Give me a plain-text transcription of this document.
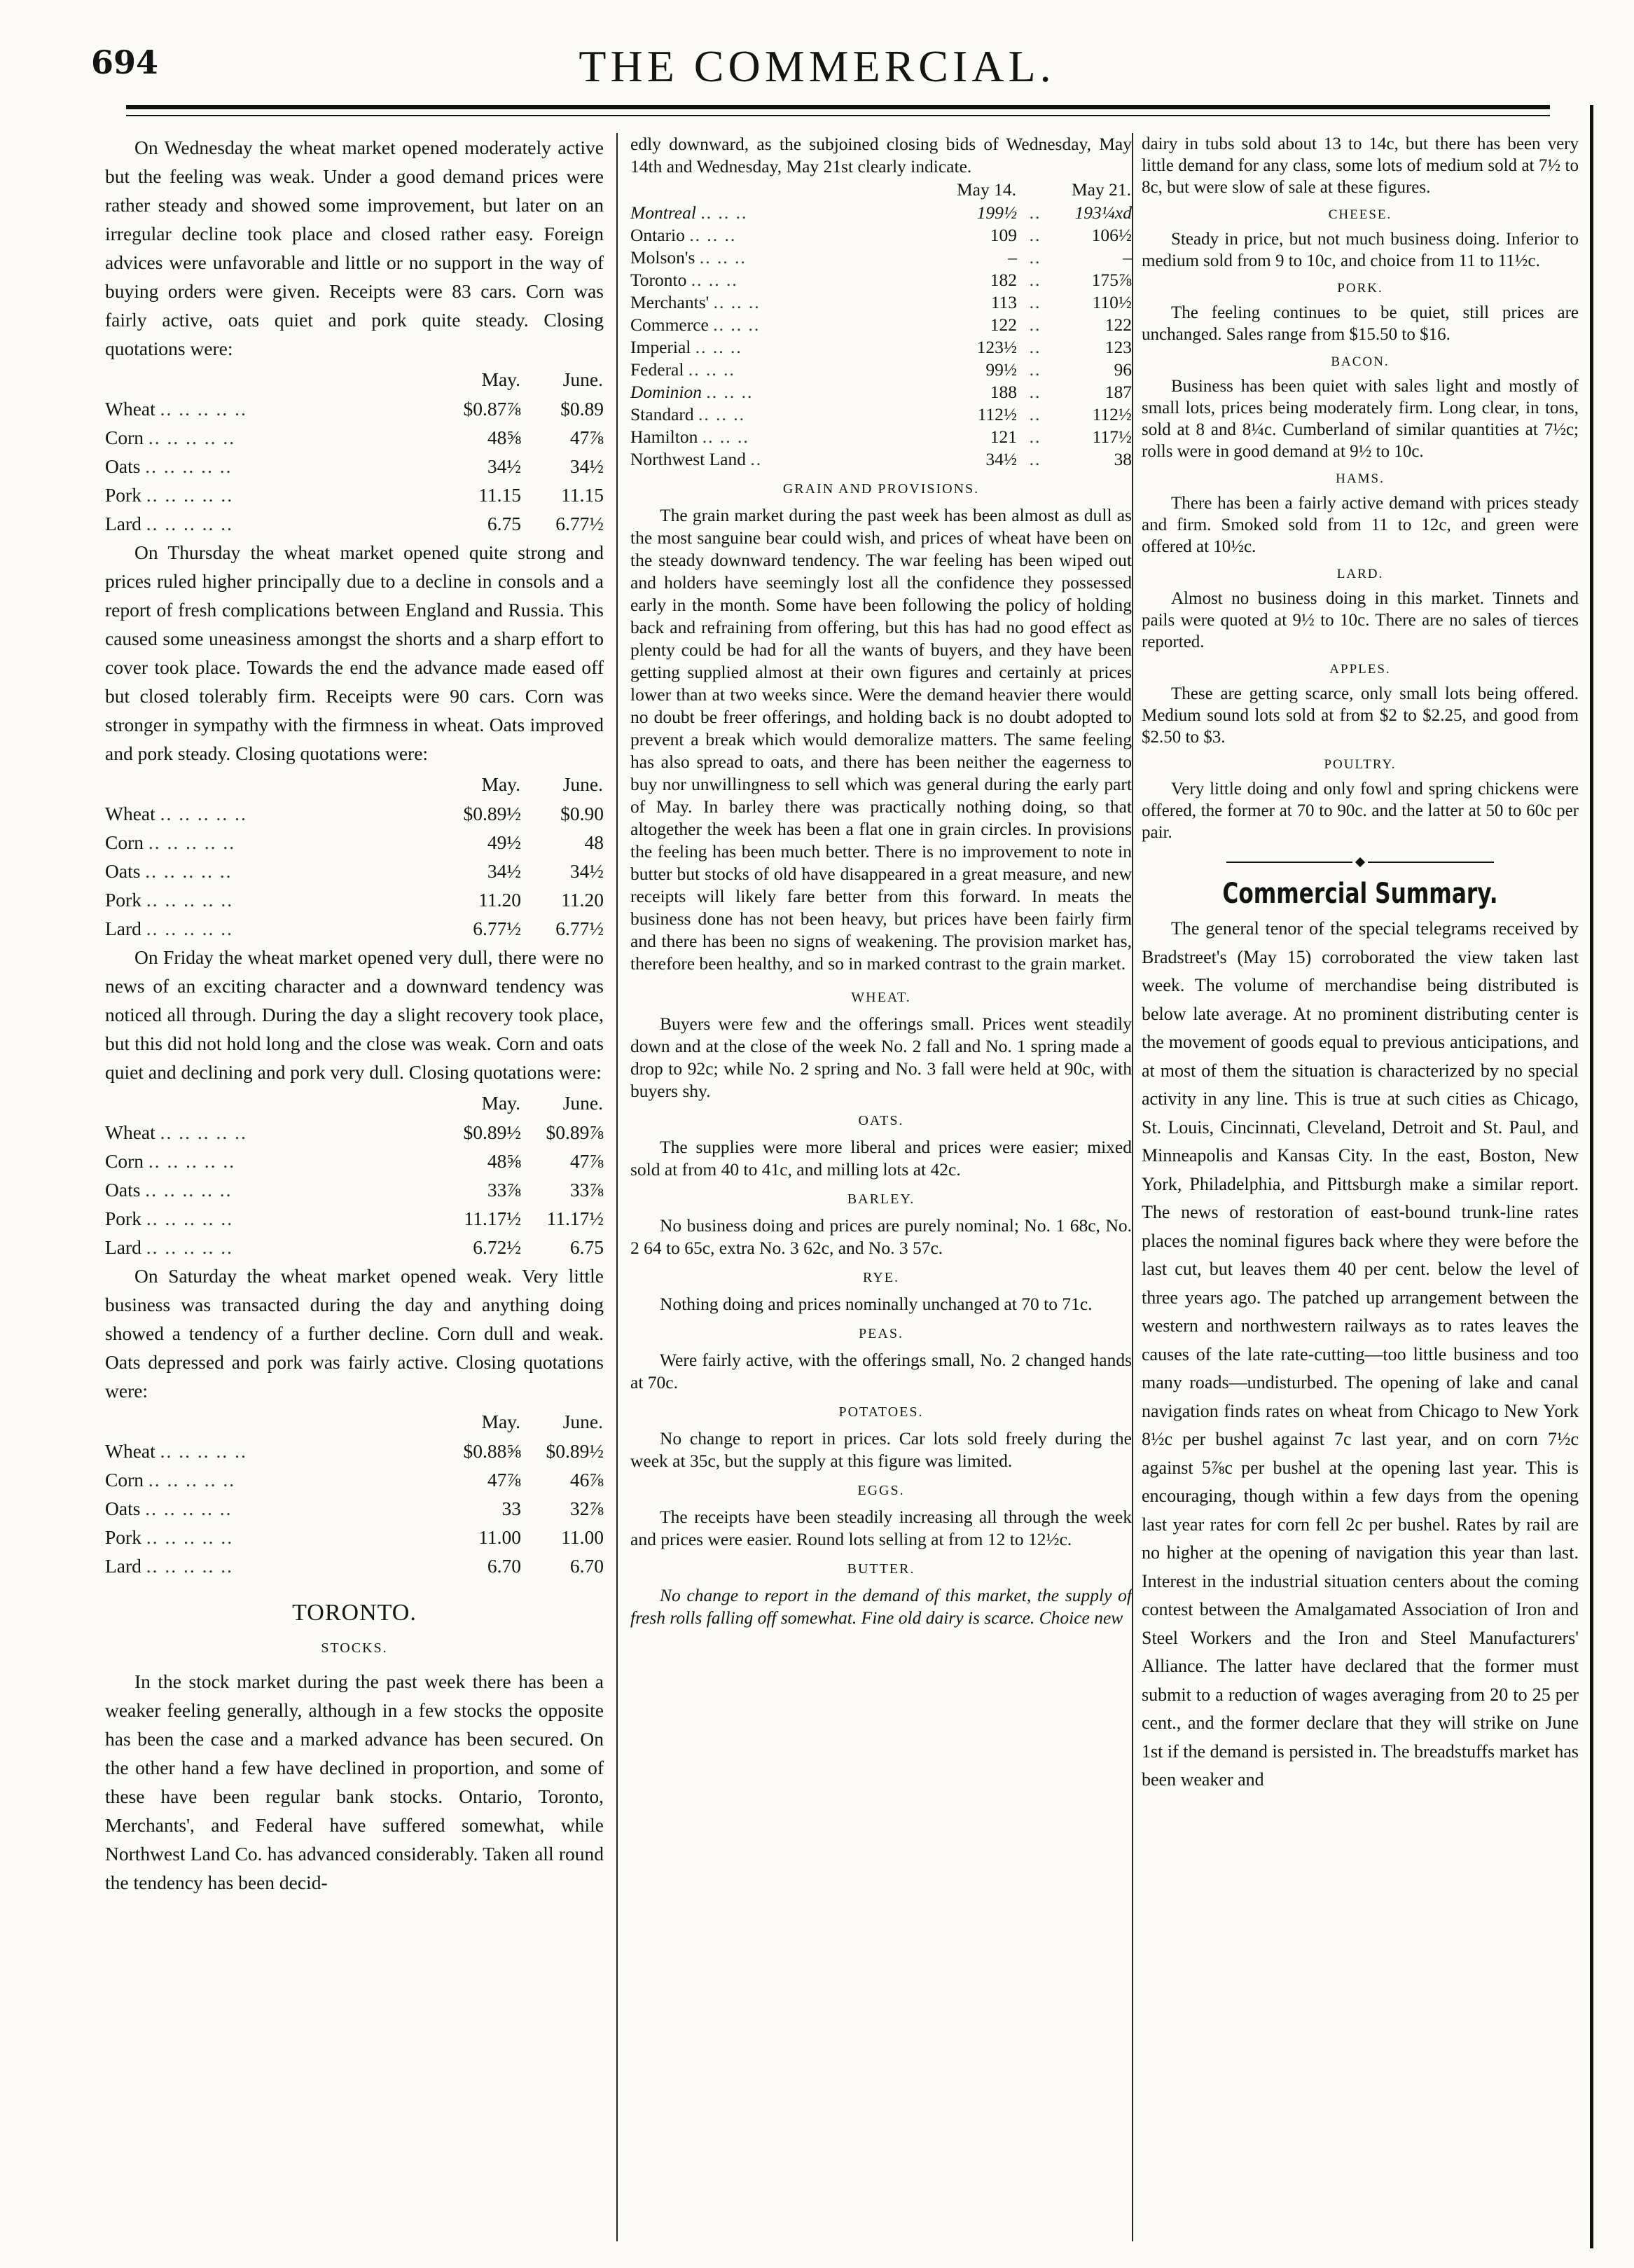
694	THE COMMERCIAL.

On Wednesday the wheat market opened moderately active but the feeling was weak. Under a good demand prices were rather steady and showed some improvement, but later on an irregular decline took place and closed rather easy. Foreign advices were unfavorable and little or no support in the way of buying orders were given. Receipts were 83 cars. Corn was fairly active, oats quiet and pork quite steady. Closing quotations were:

	May.	June.
Wheat .. .. .. .. ..	$0.87⅞	$0.89
Corn .. .. .. .. ..	48⅝	47⅞
Oats .. .. .. .. ..	34½	34½
Pork .. .. .. .. ..	11.15	11.15
Lard .. .. .. .. ..	6.75	6.77½

On Thursday the wheat market opened quite strong and prices ruled higher principally due to a decline in consols and a report of fresh complications between England and Russia. This caused some uneasiness amongst the shorts and a sharp effort to cover took place. Towards the end the advance made eased off but closed tolerably firm. Receipts were 90 cars. Corn was stronger in sympathy with the firmness in wheat. Oats improved and pork steady. Closing quotations were:

	May.	June.
Wheat .. .. .. .. ..	$0.89½	$0.90
Corn .. .. .. .. ..	49½	48
Oats .. .. .. .. ..	34½	34½
Pork .. .. .. .. ..	11.20	11.20
Lard .. .. .. .. ..	6.77½	6.77½

On Friday the wheat market opened very dull, there were no news of an exciting character and a downward tendency was noticed all through. During the day a slight recovery took place, but this did not hold long and the close was weak. Corn and oats quiet and declining and pork very dull. Closing quotations were:

	May.	June.
Wheat .. .. .. .. ..	$0.89½	$0.89⅞
Corn .. .. .. .. ..	48⅝	47⅞
Oats .. .. .. .. ..	33⅞	33⅞
Pork .. .. .. .. ..	11.17½	11.17½
Lard .. .. .. .. ..	6.72½	6.75

On Saturday the wheat market opened weak. Very little business was transacted during the day and anything doing showed a tendency of a further decline. Corn dull and weak. Oats depressed and pork was fairly active. Closing quotations were:

	May.	June.
Wheat .. .. .. .. ..	$0.88⅝	$0.89½
Corn .. .. .. .. ..	47⅞	46⅞
Oats .. .. .. .. ..	33	32⅞
Pork .. .. .. .. ..	11.00	11.00
Lard .. .. .. .. ..	6.70	6.70
TORONTO.
STOCKS.

In the stock market during the past week there has been a weaker feeling generally, although in a few stocks the opposite has been the case and a marked advance has been secured. On the other hand a few have declined in proportion, and some of these have been regular bank stocks. Ontario, Toronto, Merchants', and Federal have suffered somewhat, while Northwest Land Co. has advanced considerably. Taken all round the tendency has been decid-

edly downward, as the subjoined closing bids of Wednesday, May 14th and Wednesday, May 21st clearly indicate.

	May 14.		May 21.
Montreal .. .. ..	199½	..	193¼xd
Ontario .. .. ..	109	..	106½
Molson's .. .. ..	–	..	–
Toronto .. .. ..	182	..	175⅞
Merchants' .. .. ..	113	..	110½
Commerce .. .. ..	122	..	122
Imperial .. .. ..	123½	..	123
Federal .. .. ..	99½	..	96
Dominion .. .. ..	188	..	187
Standard .. .. ..	112½	..	112½
Hamilton .. .. ..	121	..	117½
Northwest Land ..	34½	..	38
GRAIN AND PROVISIONS.

The grain market during the past week has been almost as dull as the most sanguine bear could wish, and prices of wheat have been on the steady downward tendency. The war feeling has been wiped out and holders have seemingly lost all the confidence they possessed early in the month. Some have been following the policy of holding back and refraining from offering, but this has had no good effect as plenty could be had for all the wants of buyers, and they have been getting supplied almost at their own figures and certainly at prices lower than at two weeks since. Were the demand heavier there would no doubt be freer offerings, and holding back is no doubt adopted to prevent a break which would demoralize matters. The same feeling has also spread to oats, and there has been neither the eagerness to buy nor unwillingness to sell which was general during the early part of May. In barley there was practically nothing doing, so that altogether the week has been a flat one in grain circles. In provisions the feeling has been much better. There is no improvement to note in butter but stocks of old have disappeared in a great measure, and new receipts will likely fare better from this forward. In meats the business done has not been heavy, but prices have been fairly firm and there has been no signs of weakening. The provision market has, therefore been healthy, and so in marked contrast to the grain market.

WHEAT.

Buyers were few and the offerings small. Prices went steadily down and at the close of the week No. 2 fall and No. 1 spring made a drop to 92c; while No. 2 spring and No. 3 fall were held at 90c, with buyers shy.

OATS.

The supplies were more liberal and prices were easier; mixed sold at from 40 to 41c, and milling lots at 42c.

BARLEY.

No business doing and prices are purely nominal; No. 1 68c, No. 2 64 to 65c, extra No. 3 62c, and No. 3 57c.

RYE.

Nothing doing and prices nominally unchanged at 70 to 71c.

PEAS.

Were fairly active, with the offerings small, No. 2 changed hands at 70c.

POTATOES.

No change to report in prices. Car lots sold freely during the week at 35c, but the supply at this figure was limited.

EGGS.

The receipts have been steadily increasing all through the week and prices were easier. Round lots selling at from 12 to 12½c.

BUTTER.

No change to report in the demand of this market, the supply of fresh rolls falling off somewhat. Fine old dairy is scarce. Choice new

dairy in tubs sold about 13 to 14c, but there has been very little demand for any class, some lots of medium sold at 7½ to 8c, but were slow of sale at these figures.

CHEESE.

Steady in price, but not much business doing. Inferior to medium sold from 9 to 10c, and choice from 11 to 11½c.

PORK.

The feeling continues to be quiet, still prices are unchanged. Sales range from $15.50 to $16.

BACON.

Business has been quiet with sales light and mostly of small lots, prices being moderately firm. Long clear, in tons, sold at 8 and 8¼c. Cumberland of similar quantities at 7½c; rolls were in good demand at 9½ to 10c.

HAMS.

There has been a fairly active demand with prices steady and firm. Smoked sold from 11 to 12c, and green were offered at 10½c.

LARD.

Almost no business doing in this market. Tinnets and pails were quoted at 9½ to 10c. There are no sales of tierces reported.

APPLES.

These are getting scarce, only small lots being offered. Medium sound lots sold at from $2 to $2.25, and good from $2.50 to $3.

POULTRY.

Very little doing and only fowl and spring chickens were offered, the former at 70 to 90c. and the latter at 50 to 60c per pair.

Commercial Summary.

The general tenor of the special telegrams received by Bradstreet's (May 15) corroborated the view taken last week. The volume of merchandise being distributed is below late average. At no prominent distributing center is the movement of goods equal to previous anticipations, and at most of them the situation is characterized by no special activity in any line. This is true at such cities as Chicago, St. Louis, Cincinnati, Cleveland, Detroit and St. Paul, and Minneapolis and Kansas City. In the east, Boston, New York, Philadelphia, and Pittsburgh make a similar report. The news of restoration of east-bound trunk-line rates places the nominal figures back where they were before the last cut, but leaves them 40 per cent. below the level of three years ago. The patched up arrangement between the western and northwestern railways as to rates leaves the causes of the late rate-cutting—too little business and too many roads—undisturbed. The opening of lake and canal navigation finds rates on wheat from Chicago to New York 8½c per bushel against 7c last year, and on corn 7½c against 5⅞c per bushel at the opening last year. This is encouraging, though within a few days from the opening last year rates for corn fell 2c per bushel. Rates by rail are no higher at the opening of navigation this year than last. Interest in the industrial situation centers about the coming contest between the Amalgamated Association of Iron and Steel Workers and the Iron and Steel Manufacturers' Alliance. The latter have declared that the former must submit to a reduction of wages averaging from 20 to 25 per cent., and the former declare that they will strike on June 1st if the demand is persisted in. The breadstuffs market has been weaker and
